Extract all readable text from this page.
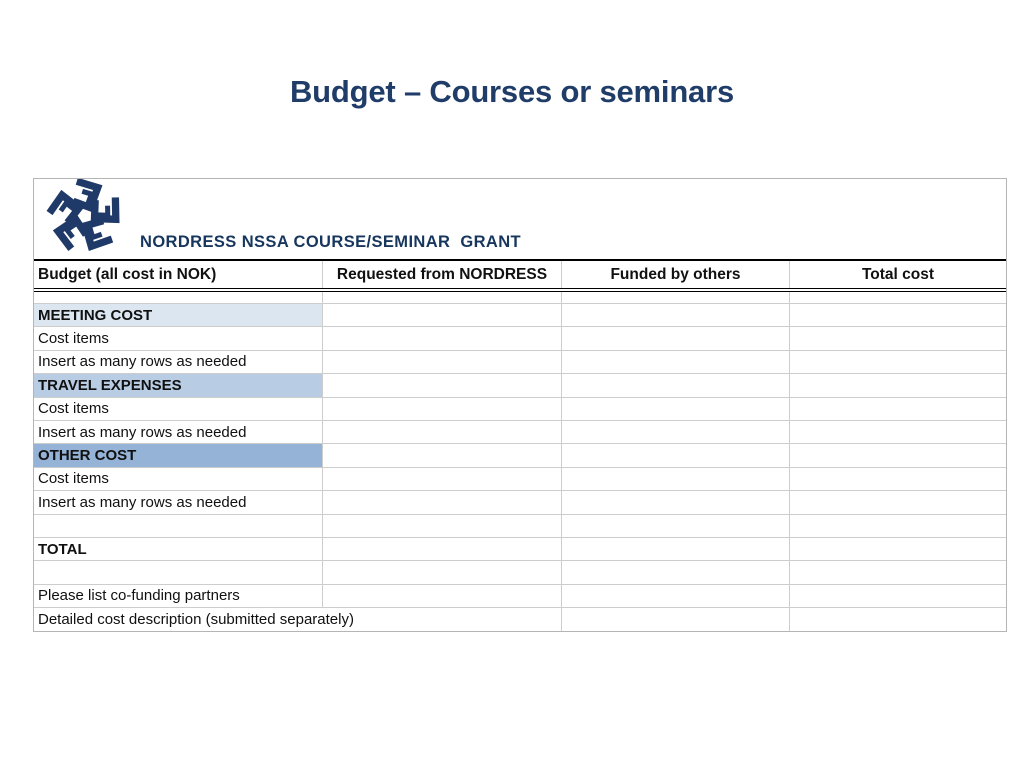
Budget – Courses or seminars
NORDRESS NSSA COURSE/SEMINAR  GRANT
Budget (all cost in NOK)	Requested from NORDRESS	Funded by others	Total cost
MEETING COST
Cost items
Insert as many rows as needed
TRAVEL EXPENSES
Cost items
Insert as many rows as needed
OTHER COST
Cost items
Insert as many rows as needed
TOTAL
Please list co-funding partners
Detailed cost description (submitted separately)
